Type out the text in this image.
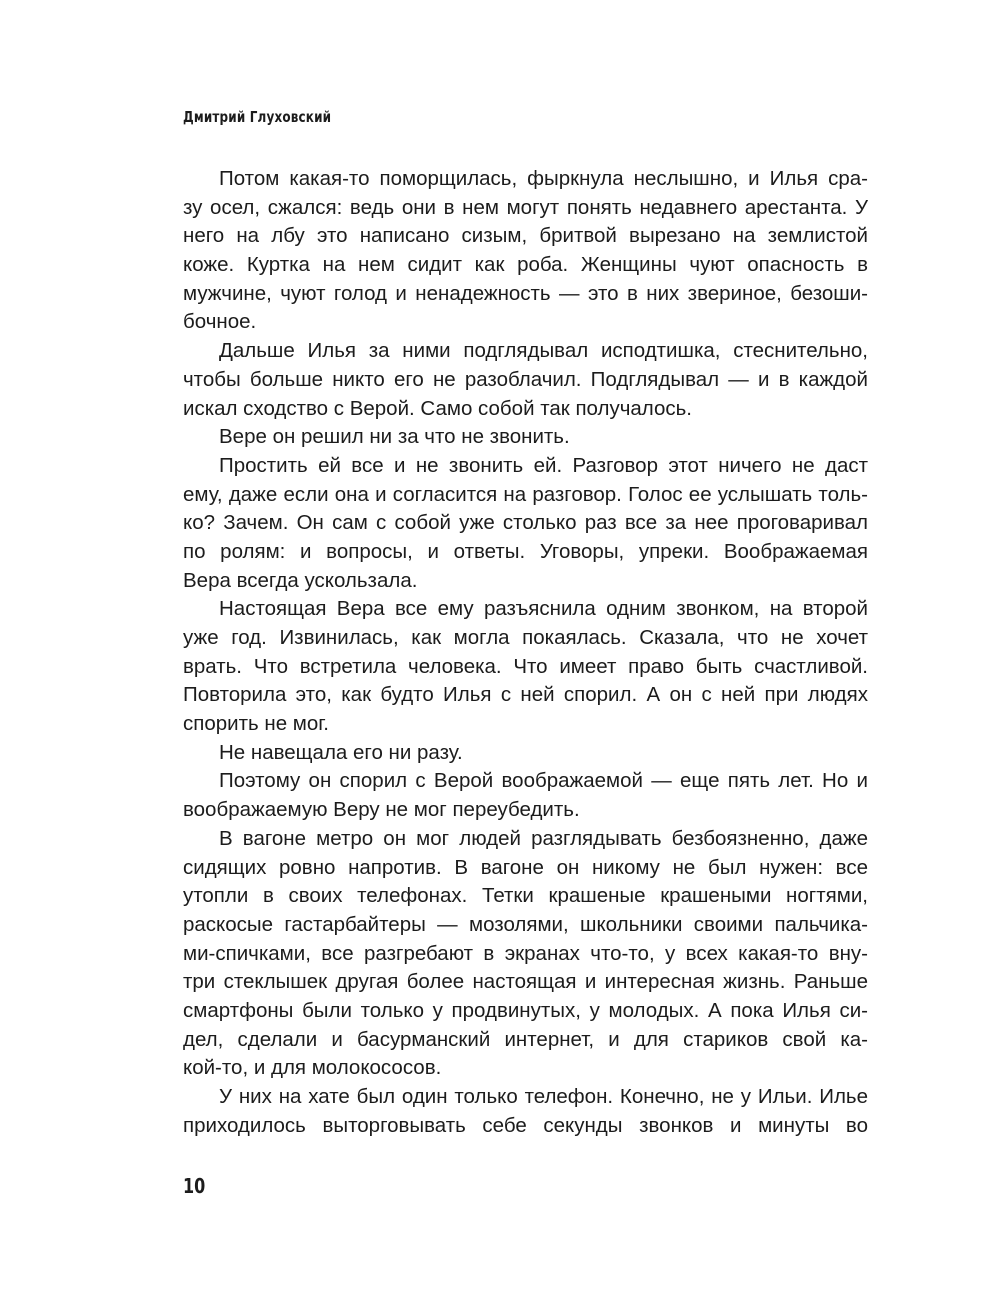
Дмитрий Глуховский
Потом какая-то поморщилась, фыркнула неслышно, и Илья сра-
зу осел, сжался: ведь они в нем могут понять недавнего арестанта. У
него на лбу это написано сизым, бритвой вырезано на землистой
коже. Куртка на нем сидит как роба. Женщины чуют опасность в
мужчине, чуют голод и ненадежность — это в них звериное, безоши-
бочное.
Дальше Илья за ними подглядывал исподтишка, стеснительно,
чтобы больше никто его не разоблачил. Подглядывал — и в каждой
искал сходство с Верой. Само собой так получалось.
Вере он решил ни за что не звонить.
Простить ей все и не звонить ей. Разговор этот ничего не даст
ему, даже если она и согласится на разговор. Голос ее услышать толь-
ко? Зачем. Он сам с собой уже столько раз все за нее проговаривал
по ролям: и вопросы, и ответы. Уговоры, упреки. Воображаемая
Вера всегда ускользала.
Настоящая Вера все ему разъяснила одним звонком, на второй
уже год. Извинилась, как могла покаялась. Сказала, что не хочет
врать. Что встретила человека. Что имеет право быть счастливой.
Повторила это, как будто Илья с ней спорил. А он с ней при людях
спорить не мог.
Не навещала его ни разу.
Поэтому он спорил с Верой воображаемой — еще пять лет. Но и
воображаемую Веру не мог переубедить.
В вагоне метро он мог людей разглядывать безбоязненно, даже
сидящих ровно напротив. В вагоне он никому не был нужен: все
утопли в своих телефонах. Тетки крашеные крашеными ногтями,
раскосые гастарбайтеры — мозолями, школьники своими пальчика-
ми-спичками, все разгребают в экранах что-то, у всех какая-то вну-
три стеклышек другая более настоящая и интересная жизнь. Раньше
смартфоны были только у продвинутых, у молодых. А пока Илья си-
дел, сделали и басурманский интернет, и для стариков свой ка-
кой-то, и для молокососов.
У них на хате был один только телефон. Конечно, не у Ильи. Илье
приходилось выторговывать себе секунды звонков и минуты во
10
